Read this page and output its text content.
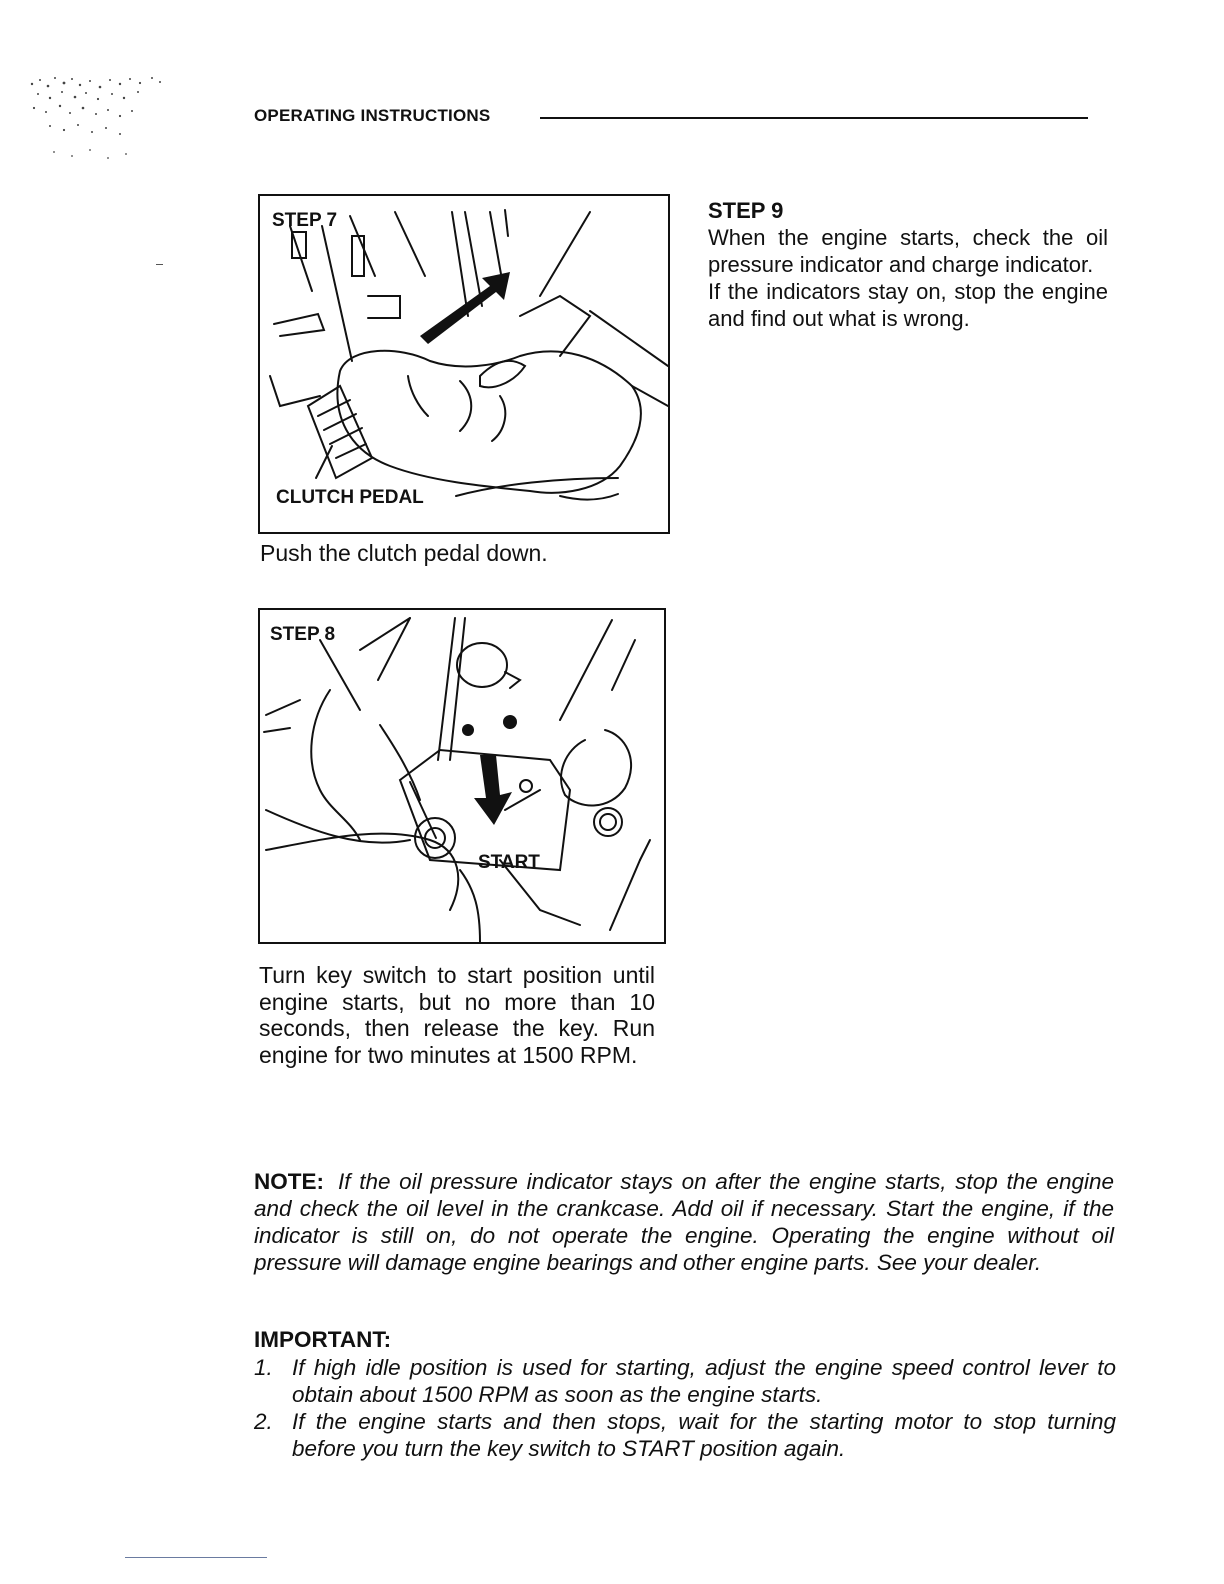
OPERATING INSTRUCTIONS
STEP 7
CLUTCH PEDAL
Push the clutch pedal down.
STEP 8
START
Turn key switch to start position until engine starts, but no more than 10 seconds, then release the key. Run engine for two minutes at 1500 RPM.
STEP 9

When the engine starts, check the oil pressure indicator and charge indicator.

If the indicators stay on, stop the engine and find out what is wrong.

NOTE: If the oil pressure indicator stays on after the engine starts, stop the engine and check the oil level in the crankcase. Add oil if necessary. Start the engine, if the indicator is still on, do not operate the engine. Operating the engine without oil pressure will damage engine bearings and other engine parts. See your dealer.
IMPORTANT:
1. If high idle position is used for starting, adjust the engine speed control lever to obtain about 1500 RPM as soon as the engine starts.
2. If the engine starts and then stops, wait for the starting motor to stop turning before you turn the key switch to START position again.
